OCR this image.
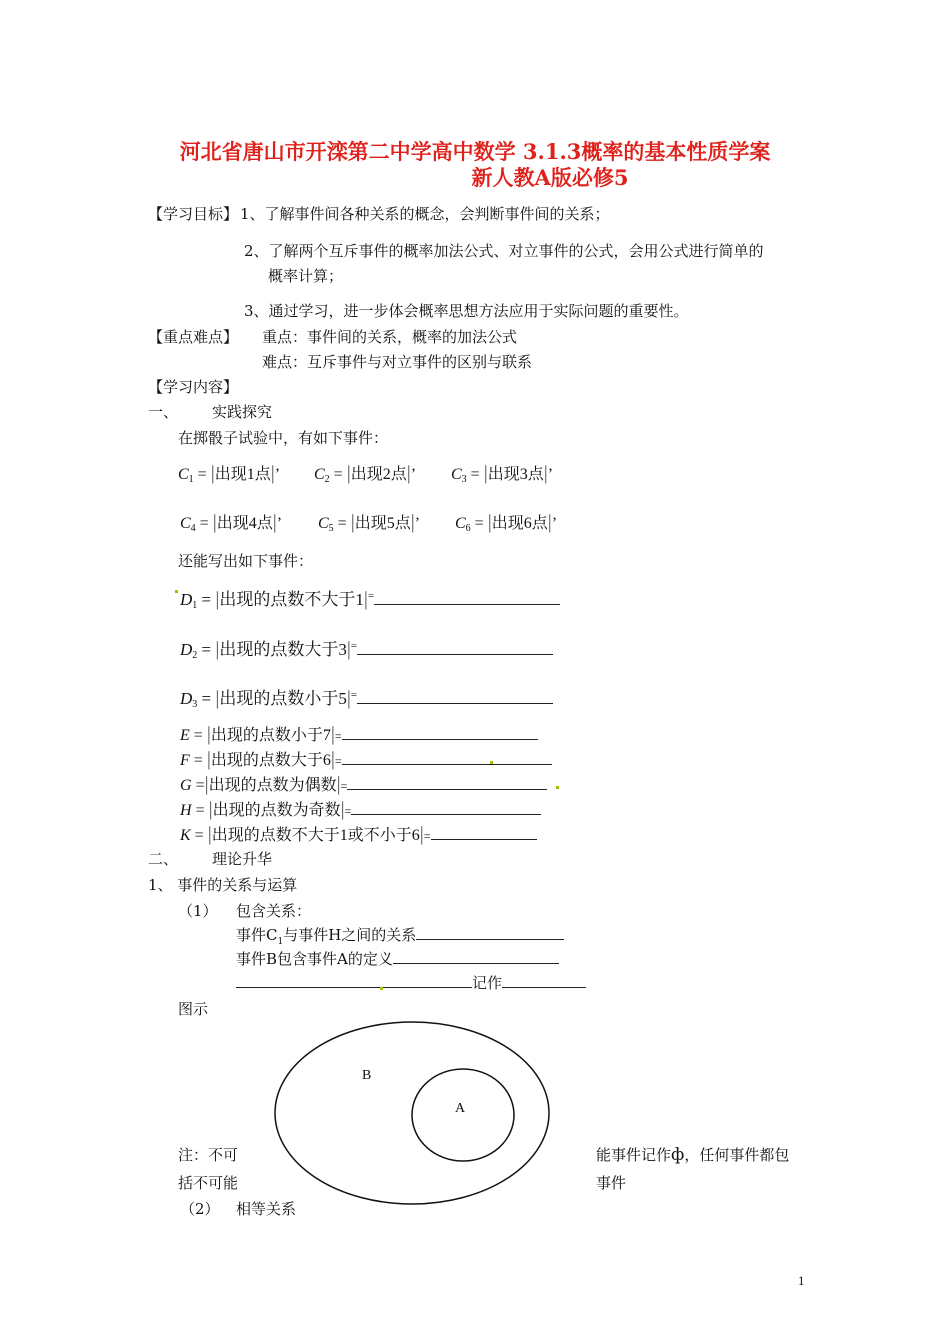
河北省唐山市开滦第二中学高中数学 3.1.3概率的基本性质学案
新人教A版必修5
【学习目标】 1、了解事件间各种关系的概念，会判断事件间的关系；
2、了解两个互斥事件的概率加法公式、对立事件的公式，会用公式进行简单的
概率计算；
3、通过学习，进一步体会概率思想方法应用于实际问题的重要性。
【重点难点】 重点：事件间的关系，概率的加法公式
难点：互斥事件与对立事件的区别与联系
【学习内容】
一、 实践探究
在掷骰子试验中，有如下事件：
$C_1$ = |出现1点|’ $C_2$ = |出现2点|’ $C_3$ = |出现3点|’
$C_4$ = |出现4点|’ $C_5$ = |出现5点|’ $C_6$ = |出现6点|’
还能写出如下事件：
$D_1$ = |出现的点数不大于1|=
$D_2$ = |出现的点数大于3|=
$D_3$ = |出现的点数小于5|=
E = |出现的点数小于7|=
F = |出现的点数大于6|=
G =|出现的点数为偶数|=
H = |出现的点数为奇数|=
K = |出现的点数不大于1或不小于6|=
二、 理论升华
1、 事件的关系与运算
（1） 包含关系：
事件$C_1$与事件H之间的关系
事件B包含事件A的定义
记作
图示
B
A
注：不可
括不可能
能事件记作ф，任何事件都包
事件
（2） 相等关系
1
